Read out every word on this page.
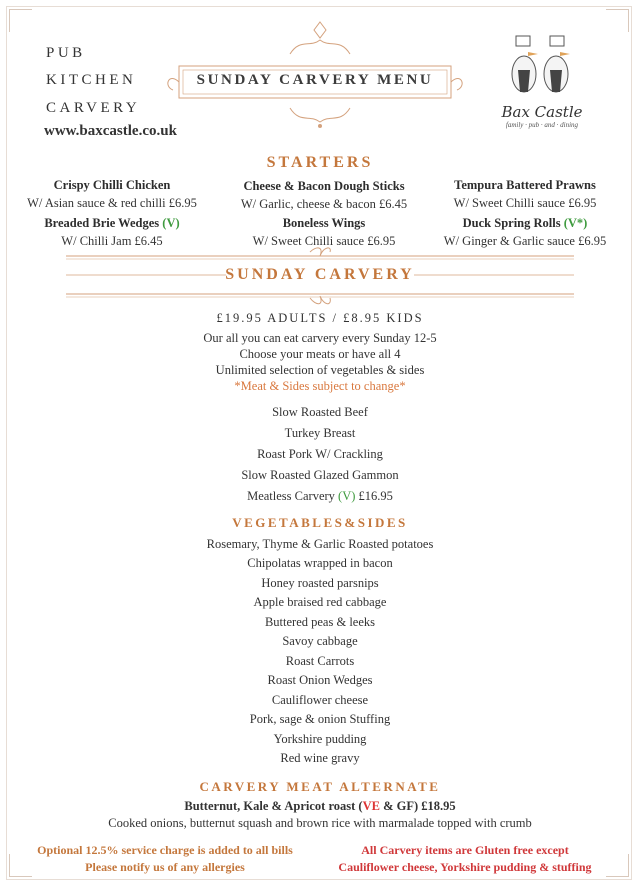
PUB
KITCHEN
CARVERY
www.baxcastle.co.uk
SUNDAY CARVERY MENU
Bax Castle
family · pub · and · dining
STARTERS
Crispy Chilli Chicken
W/ Asian sauce & red chilli £6.95
Cheese & Bacon Dough Sticks
W/ Garlic, cheese & bacon £6.45
Tempura Battered Prawns
W/ Sweet Chilli sauce £6.95
Breaded Brie Wedges (V)
W/ Chilli Jam £6.45
Boneless Wings
W/ Sweet Chilli sauce £6.95
Duck Spring Rolls (V*)
W/ Ginger & Garlic sauce £6.95
SUNDAY CARVERY
£19.95 ADULTS / £8.95 KIDS
Our all you can eat carvery every Sunday 12-5
Choose your meats or have all 4
Unlimited selection of vegetables & sides
*Meat & Sides subject to change*
Slow Roasted Beef
Turkey Breast
Roast Pork W/ Crackling
Slow Roasted Glazed Gammon
Meatless Carvery (V) £16.95
VEGETABLES&SIDES
Rosemary, Thyme & Garlic Roasted potatoes
Chipolatas wrapped in bacon
Honey roasted parsnips
Apple braised red cabbage
Buttered peas & leeks
Savoy cabbage
Roast Carrots
Roast Onion Wedges
Cauliflower cheese
Pork, sage & onion Stuffing
Yorkshire pudding
Red wine gravy
CARVERY MEAT ALTERNATE
Butternut, Kale & Apricot roast (VE & GF) £18.95
Cooked onions, butternut squash and brown rice with marmalade topped with crumb
Optional 12.5% service charge is added to all bills
Please notify us of any allergies
All Carvery items are Gluten free except
Cauliflower cheese, Yorkshire pudding & stuffing
